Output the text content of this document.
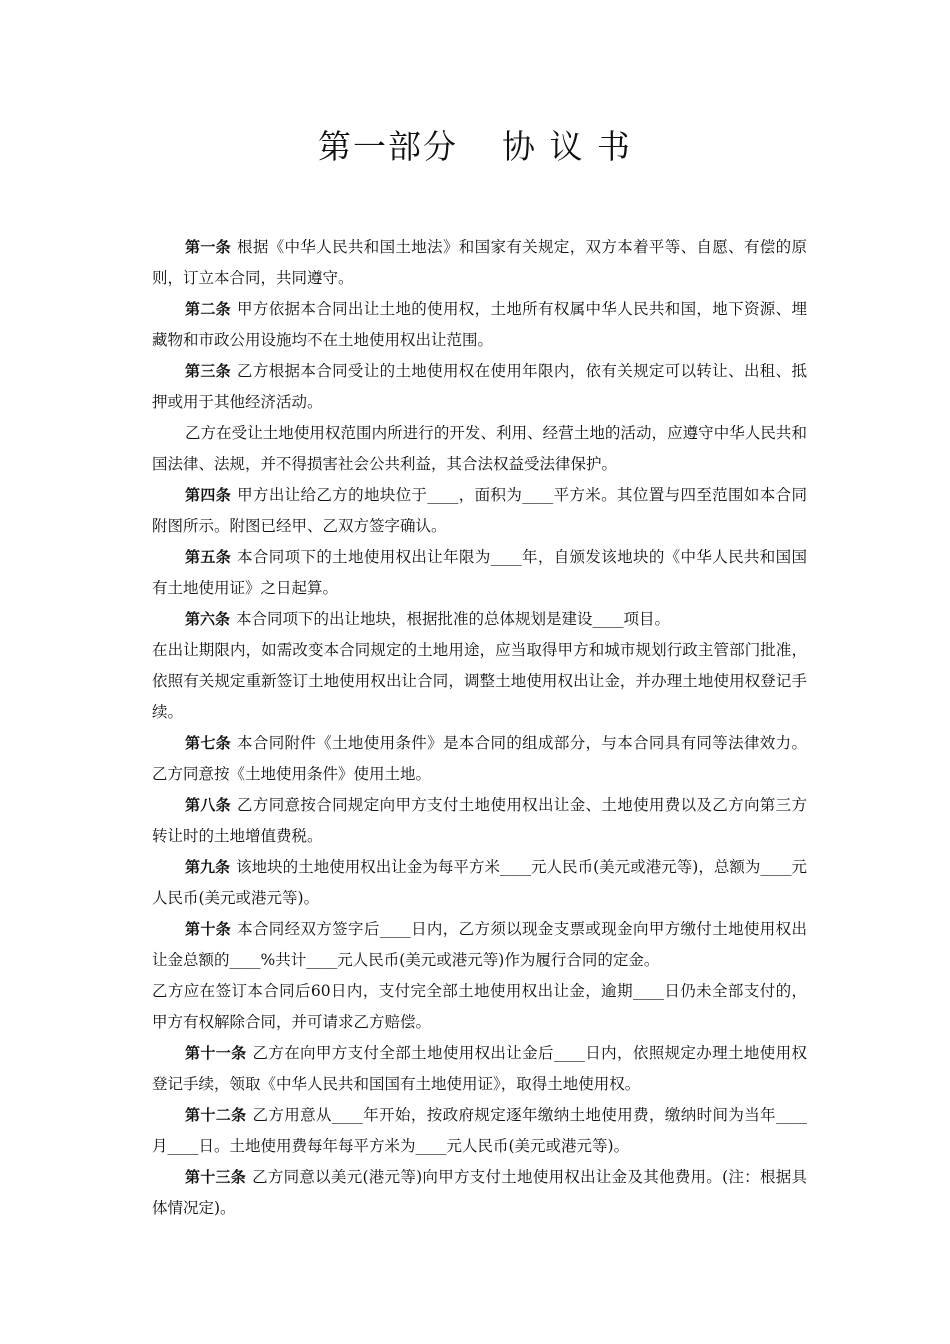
第一部分 协 议 书

第一条 根据《中华人民共和国土地法》和国家有关规定，双方本着平等、自愿、有偿的原则，订立本合同，共同遵守。

第二条 甲方依据本合同出让土地的使用权，土地所有权属中华人民共和国，地下资源、埋藏物和市政公用设施均不在土地使用权出让范围。

第三条 乙方根据本合同受让的土地使用权在使用年限内，依有关规定可以转让、出租、抵押或用于其他经济活动。

乙方在受让土地使用权范围内所进行的开发、利用、经营土地的活动，应遵守中华人民共和国法律、法规，并不得损害社会公共利益，其合法权益受法律保护。

第四条 甲方出让给乙方的地块位于____，面积为____平方米。其位置与四至范围如本合同附图所示。附图已经甲、乙双方签字确认。

第五条 本合同项下的土地使用权出让年限为____年，自颁发该地块的《中华人民共和国国有土地使用证》之日起算。

第六条 本合同项下的出让地块，根据批准的总体规划是建设____项目。

在出让期限内，如需改变本合同规定的土地用途，应当取得甲方和城市规划行政主管部门批准，依照有关规定重新签订土地使用权出让合同，调整土地使用权出让金，并办理土地使用权登记手续。

第七条 本合同附件《土地使用条件》是本合同的组成部分，与本合同具有同等法律效力。乙方同意按《土地使用条件》使用土地。

第八条 乙方同意按合同规定向甲方支付土地使用权出让金、土地使用费以及乙方向第三方转让时的土地增值费税。

第九条 该地块的土地使用权出让金为每平方米____元人民币(美元或港元等)，总额为____元人民币(美元或港元等)。

第十条 本合同经双方签字后____日内，乙方须以现金支票或现金向甲方缴付土地使用权出让金总额的____%共计____元人民币(美元或港元等)作为履行合同的定金。

乙方应在签订本合同后60日内，支付完全部土地使用权出让金，逾期____日仍未全部支付的，甲方有权解除合同，并可请求乙方赔偿。

第十一条 乙方在向甲方支付全部土地使用权出让金后____日内，依照规定办理土地使用权登记手续，领取《中华人民共和国国有土地使用证》，取得土地使用权。

第十二条 乙方用意从____年开始，按政府规定逐年缴纳土地使用费，缴纳时间为当年____月____日。土地使用费每年每平方米为____元人民币(美元或港元等)。

第十三条 乙方同意以美元(港元等)向甲方支付土地使用权出让金及其他费用。(注：根据具体情况定)。
